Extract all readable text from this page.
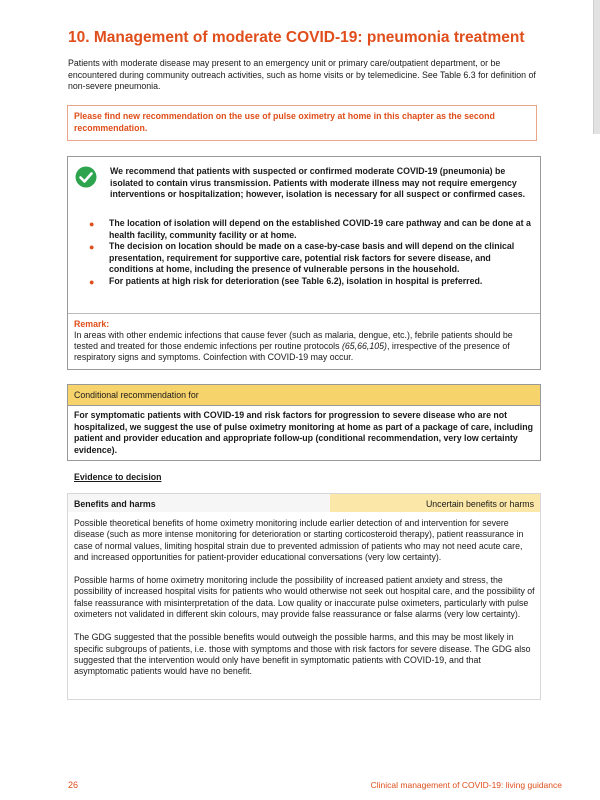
10. Management of moderate COVID-19: pneumonia treatment
Patients with moderate disease may present to an emergency unit or primary care/outpatient department, or be encountered during community outreach activities, such as home visits or by telemedicine. See Table 6.3 for definition of non-severe pneumonia.
Please find new recommendation on the use of pulse oximetry at home in this chapter as the second recommendation.
We recommend that patients with suspected or confirmed moderate COVID-19 (pneumonia) be isolated to contain virus transmission. Patients with moderate illness may not require emergency interventions or hospitalization; however, isolation is necessary for all suspect or confirmed cases.
● The location of isolation will depend on the established COVID-19 care pathway and can be done at a health facility, community facility or at home.
● The decision on location should be made on a case-by-case basis and will depend on the clinical presentation, requirement for supportive care, potential risk factors for severe disease, and conditions at home, including the presence of vulnerable persons in the household.
● For patients at high risk for deterioration (see Table 6.2), isolation in hospital is preferred.
Remark:
In areas with other endemic infections that cause fever (such as malaria, dengue, etc.), febrile patients should be tested and treated for those endemic infections per routine protocols (65,66,105), irrespective of the presence of respiratory signs and symptoms. Coinfection with COVID-19 may occur.
Conditional recommendation for
For symptomatic patients with COVID-19 and risk factors for progression to severe disease who are not hospitalized, we suggest the use of pulse oximetry monitoring at home as part of a package of care, including patient and provider education and appropriate follow-up (conditional recommendation, very low certainty evidence).
Evidence to decision
Benefits and harms	Uncertain benefits or harms

Possible theoretical benefits of home oximetry monitoring include earlier detection of and intervention for severe disease (such as more intense monitoring for deterioration or starting corticosteroid therapy), patient reassurance in case of normal values, limiting hospital strain due to prevented admission of patients who may not need acute care, and increased opportunities for patient-provider educational conversations (very low certainty).

Possible harms of home oximetry monitoring include the possibility of increased patient anxiety and stress, the possibility of increased hospital visits for patients who would otherwise not seek out hospital care, and the possibility of false reassurance with misinterpretation of the data. Low quality or inaccurate pulse oximeters, particularly with pulse oximeters not validated in different skin colours, may provide false reassurance or false alarms (very low certainty).

The GDG suggested that the possible benefits would outweigh the possible harms, and this may be most likely in specific subgroups of patients, i.e. those with symptoms and those with risk factors for severe disease. The GDG also suggested that the intervention would only have benefit in symptomatic patients with COVID-19, and that asymptomatic patients would have no benefit.

26	Clinical management of COVID-19: living guidance
